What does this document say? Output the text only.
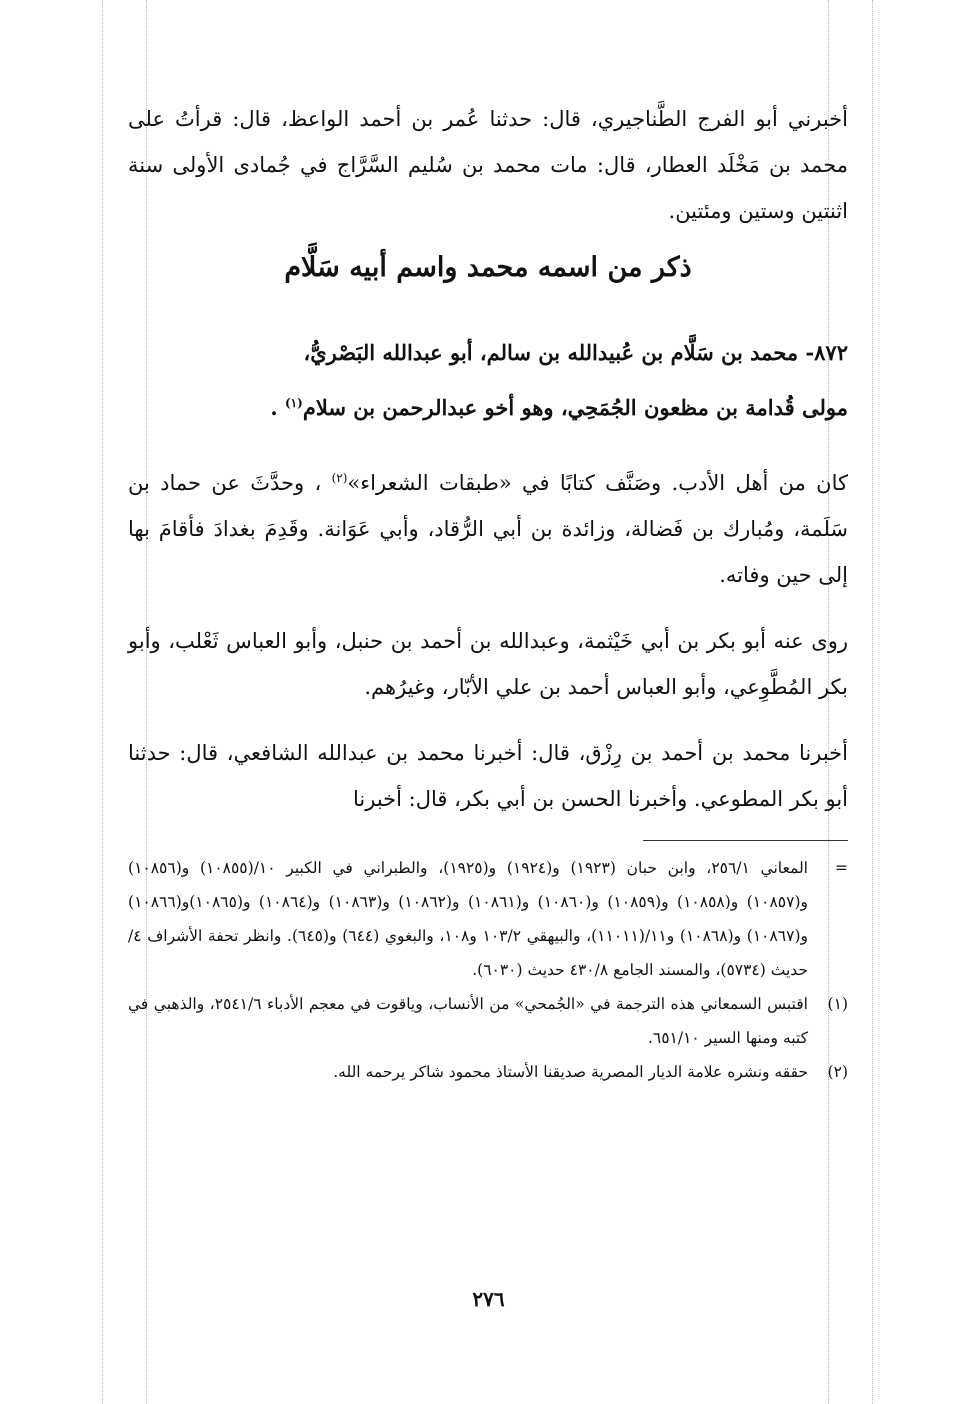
أخبرني أبو الفرج الطَّناجيري، قال: حدثنا عُمر بن أحمد الواعظ، قال: قرأتُ على محمد بن مَخْلَد العطار، قال: مات محمد بن سُليم السَّرَّاج في جُمادى الأولى سنة اثنتين وستين ومئتين.

ذكر من اسمه محمد واسم أبيه سَلَّام
٨٧٢- محمد بن سَلَّام بن عُبيدالله بن سالم، أبو عبدالله البَصْريُّ،
مولى قُدامة بن مظعون الجُمَحِي، وهو أخو عبدالرحمن بن سلام$^{(١)}$ .

كان من أهل الأدب. وصَنَّف كتابًا في «طبقات الشعراء»$^{(٢)}$ ، وحدَّثَ عن حماد بن سَلَمة، ومُبارك بن فَضالة، وزائدة بن أبي الرُّقاد، وأبي عَوَانة. وقَدِمَ بغدادَ فأقامَ بها إلى حين وفاته.

روى عنه أبو بكر بن أبي خَيْثمة، وعبدالله بن أحمد بن حنبل، وأبو العباس ثَعْلب، وأبو بكر المُطَّوِعي، وأبو العباس أحمد بن علي الأبّار، وغيرُهم.

أخبرنا محمد بن أحمد بن رِزْق، قال: أخبرنا محمد بن عبدالله الشافعي، قال: حدثنا أبو بكر المطوعي. وأخبرنا الحسن بن أبي بكر، قال: أخبرنا

=
المعاني ٢٥٦/١، وابن حبان (١٩٢٣) و(١٩٢٤) و(١٩٢٥)، والطبراني في الكبير ١٠/(١٠٨٥٥) و(١٠٨٥٦) و(١٠٨٥٧) و(١٠٨٥٨) و(١٠٨٥٩) و(١٠٨٦٠) و(١٠٨٦١) و(١٠٨٦٢) و(١٠٨٦٣) و(١٠٨٦٤) و(١٠٨٦٥)و(١٠٨٦٦) و(١٠٨٦٧) و(١٠٨٦٨) و١١/(١١٠١١)، والبيهقي ١٠٣/٢ و١٠٨، والبغوي (٦٤٤) و(٦٤٥). وانظر تحفة الأشراف ٤/حديث (٥٧٣٤)، والمسند الجامع ٤٣٠/٨ حديث (٦٠٣٠).
(١)
اقتبس السمعاني هذه الترجمة في «الجُمحي» من الأنساب، وياقوت في معجم الأدباء ٢٥٤١/٦، والذهبي في كتبه ومنها السير ٦٥١/١٠.
(٢)
حققه ونشره علامة الديار المصرية صديقنا الأستاذ محمود شاكر يرحمه الله.
٢٧٦
